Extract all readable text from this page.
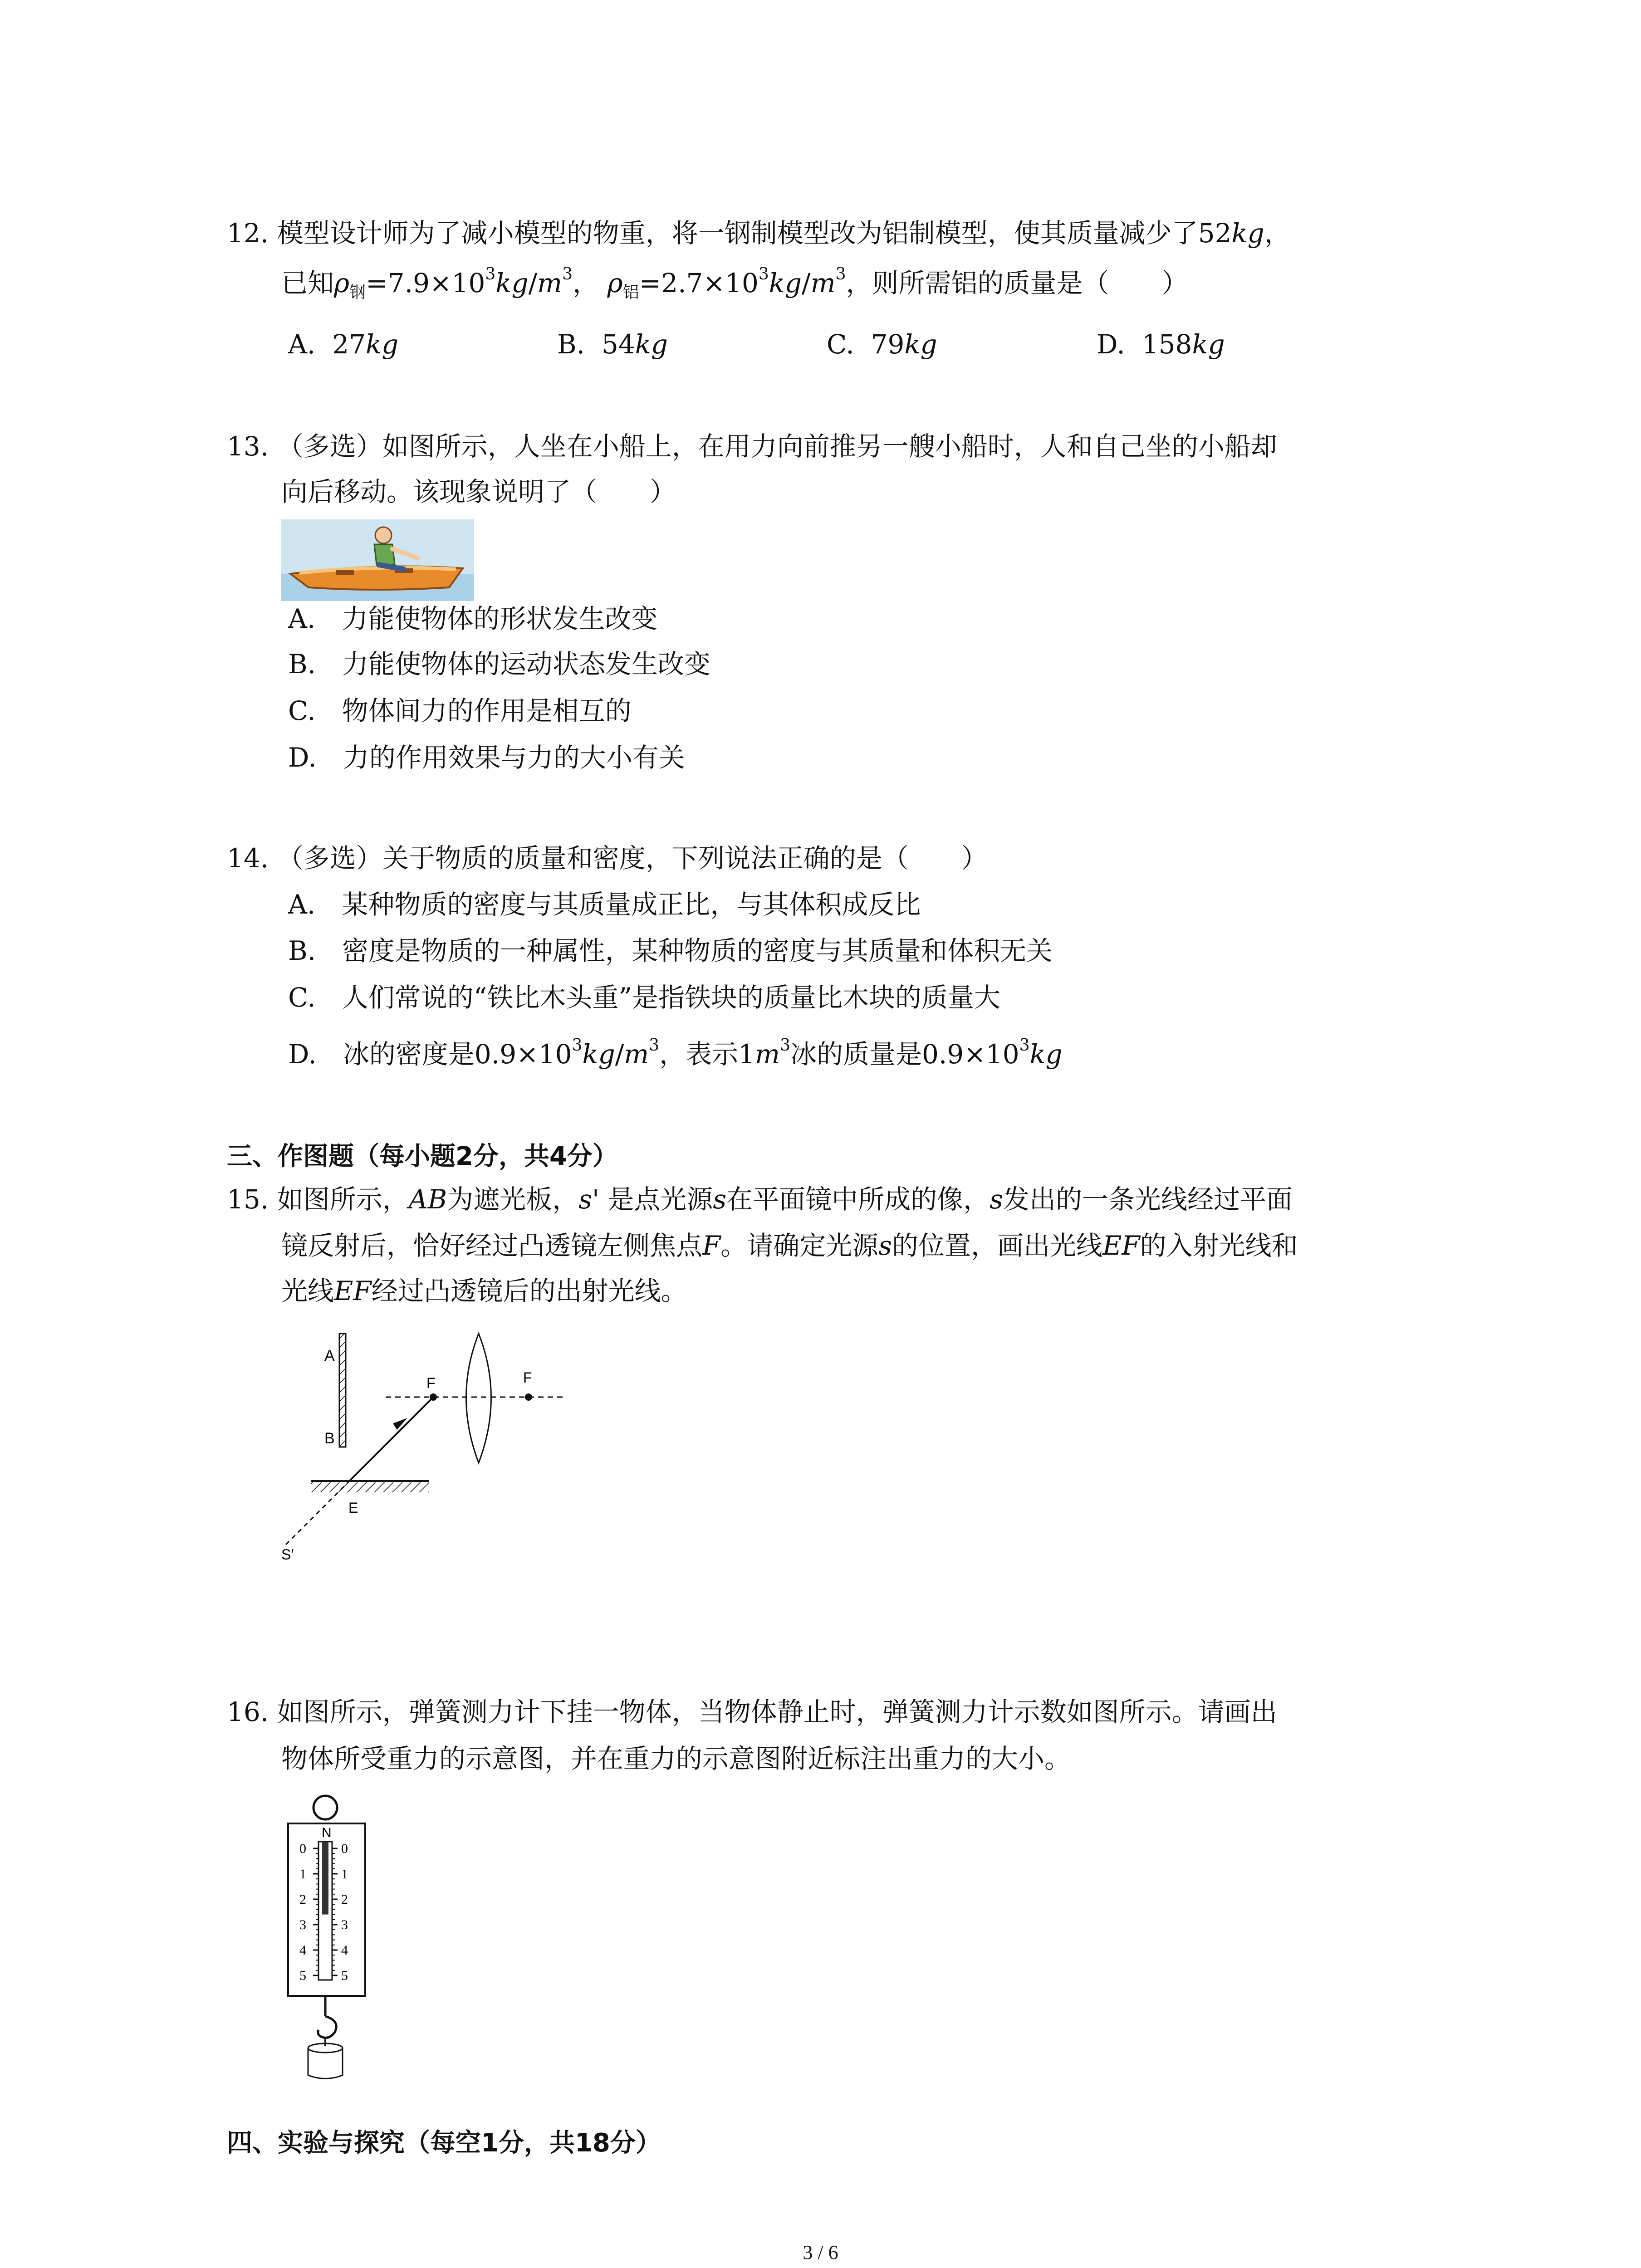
12. 模型设计师为了减小模型的物重，将一钢制模型改为铝制模型，使其质量减少了52kg，
已知$\rho_钢=7.9\times 10^3kg/m^3$， $\rho_铝=2.7\times 10^3kg/m^3$，则所需铝的质量是（　　）
A. 27kg	B. 54kg	C. 79kg	D. 158kg
13. （多选）如图所示，人坐在小船上，在用力向前推另一艘小船时，人和自己坐的小船却
向后移动。该现象说明了（　　）
A.　力能使物体的形状发生改变
B.　力能使物体的运动状态发生改变
C.　物体间力的作用是相互的
D.　力的作用效果与力的大小有关
14. （多选）关于物质的质量和密度，下列说法正确的是（　　）
A.　某种物质的密度与其质量成正比，与其体积成反比
B.　密度是物质的一种属性，某种物质的密度与其质量和体积无关
C.　人们常说的“铁比木头重”是指铁块的质量比木块的质量大
D.　冰的密度是$0.9\times 10^3kg/m^3$，表示$1m^3$冰的质量是$0.9\times 10^3kg$
三、作图题（每小题2分，共4分）
15. 如图所示，AB为遮光板，s' 是点光源s在平面镜中所成的像，s发出的一条光线经过平面
镜反射后，恰好经过凸透镜左侧焦点F。请确定光源s的位置，画出光线EF的入射光线和
光线EF经过凸透镜后的出射光线。
A
B
F	F
E
S′
16. 如图所示，弹簧测力计下挂一物体，当物体静止时，弹簧测力计示数如图所示。请画出
物体所受重力的示意图，并在重力的示意图附近标注出重力的大小。
N
0	0
1	1
2	2
3	3
4	4
5	5
四、实验与探究（每空1分，共18分）
3 / 6
